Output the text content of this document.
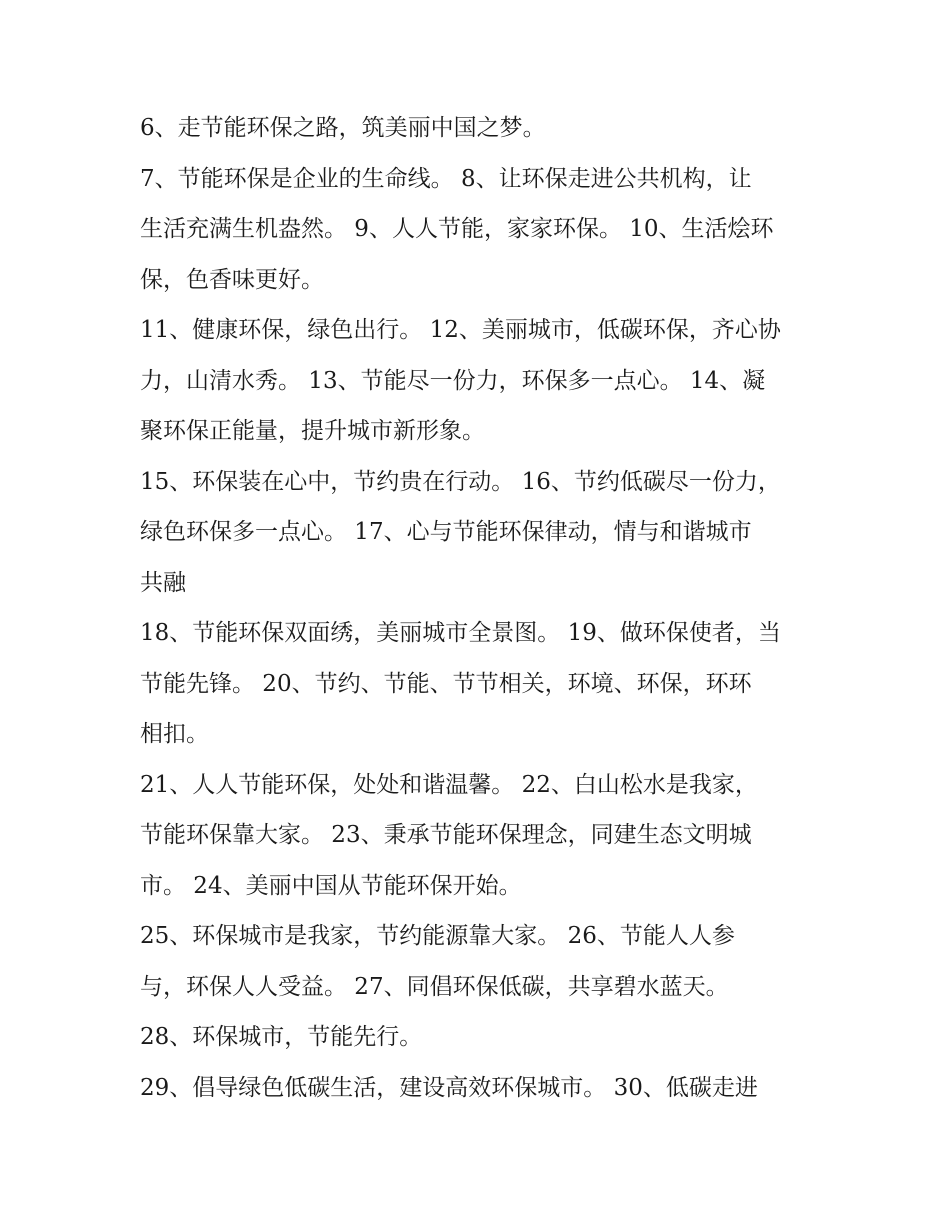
6、走节能环保之路，筑美丽中国之梦。
7、节能环保是企业的生命线。 8、让环保走进公共机构，让
生活充满生机盎然。 9、人人节能，家家环保。 10、生活烩环
保，色香味更好。
11、健康环保，绿色出行。 12、美丽城市，低碳环保，齐心协
力，山清水秀。 13、节能尽一份力，环保多一点心。 14、凝
聚环保正能量，提升城市新形象。
15、环保装在心中，节约贵在行动。 16、节约低碳尽一份力，
绿色环保多一点心。 17、心与节能环保律动，情与和谐城市
共融
18、节能环保双面绣，美丽城市全景图。 19、做环保使者，当
节能先锋。 20、节约、节能、节节相关，环境、环保，环环
相扣。
21、人人节能环保，处处和谐温馨。 22、白山松水是我家，
节能环保靠大家。 23、秉承节能环保理念，同建生态文明城
市。 24、美丽中国从节能环保开始。
25、环保城市是我家，节约能源靠大家。 26、节能人人参
与，环保人人受益。 27、同倡环保低碳，共享碧水蓝天。
28、环保城市，节能先行。
29、倡导绿色低碳生活，建设高效环保城市。 30、低碳走进
